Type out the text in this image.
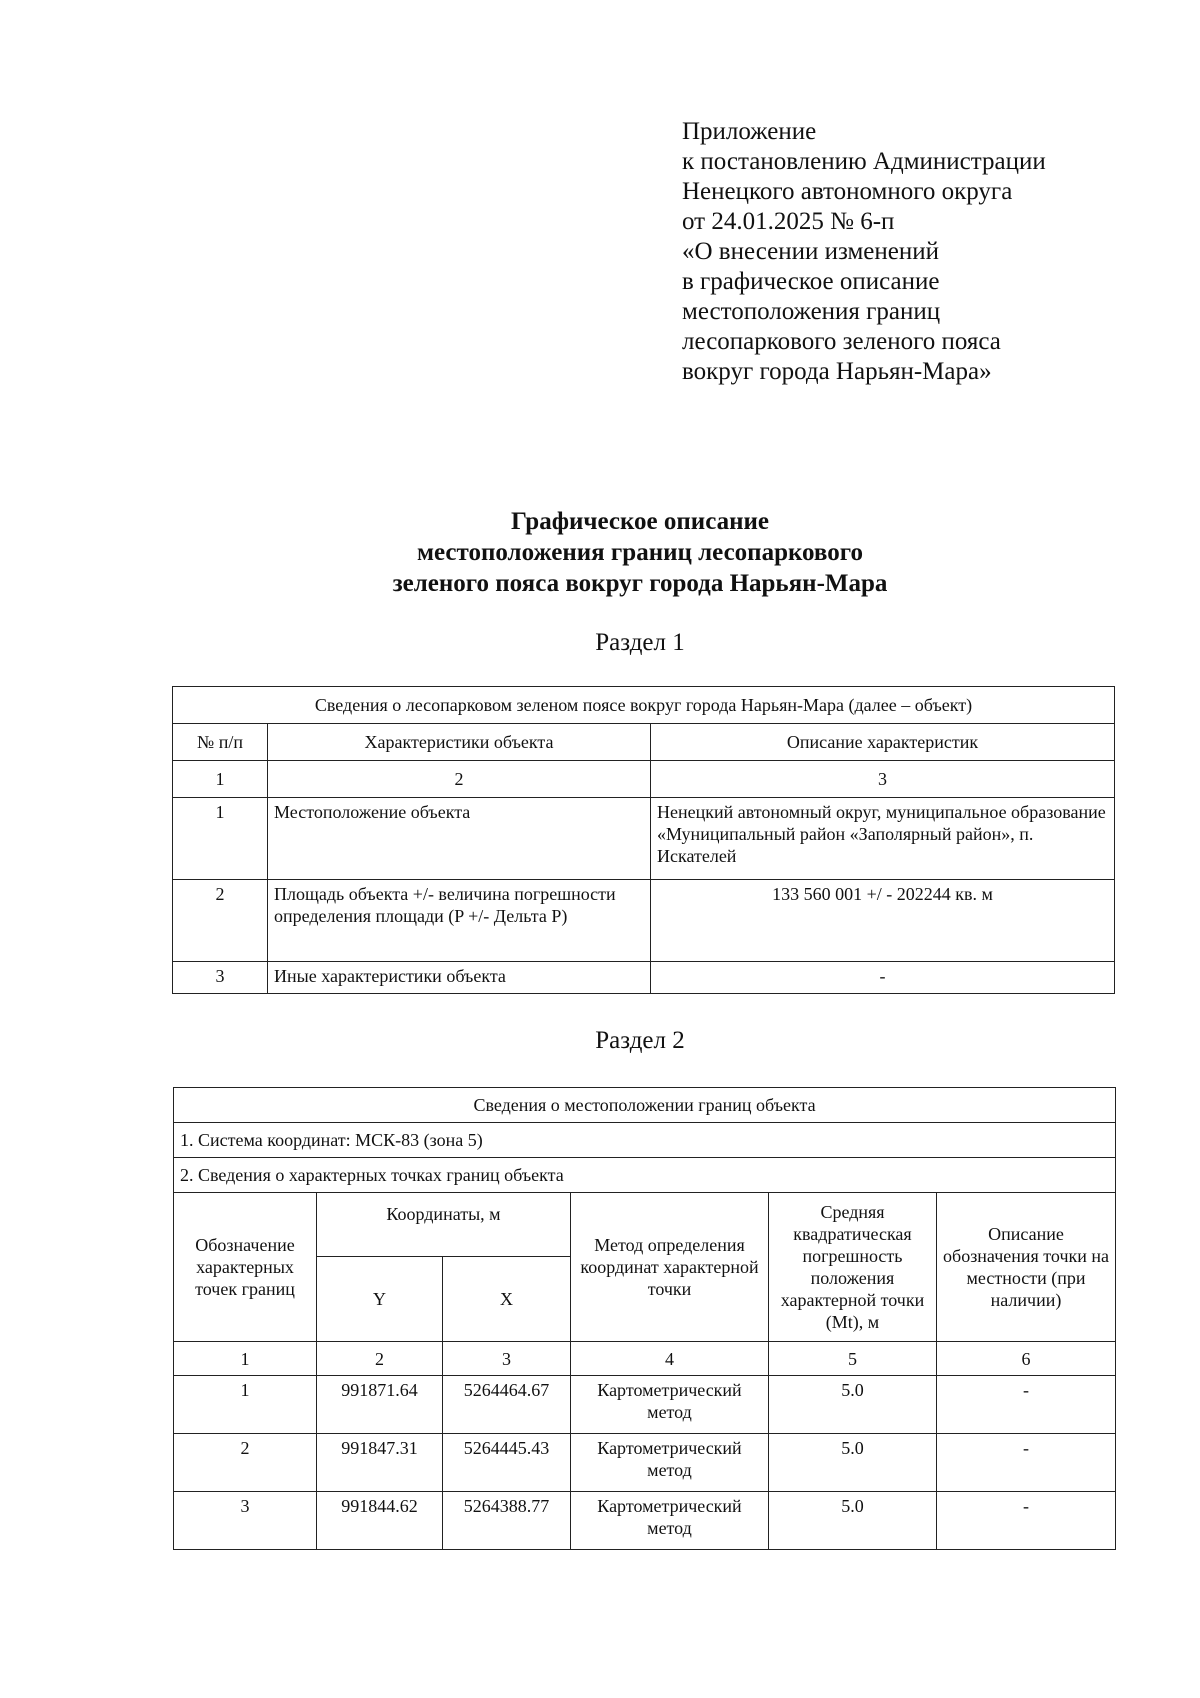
Приложение
к постановлению Администрации
Ненецкого автономного округа
от 24.01.2025 № 6-п
«О внесении изменений
в графическое описание
местоположения границ
лесопаркового зеленого пояса
вокруг города Нарьян-Мара»
Графическое описание
местоположения границ лесопаркового
зеленого пояса вокруг города Нарьян-Мара
Раздел 1
Сведения о лесопарковом зеленом поясе вокруг города Нарьян-Мара (далее – объект)		
№ п/п	Характеристики объекта	Описание характеристик
1	2	3
1	Местоположение объекта	Ненецкий автономный округ, муниципальное образование «Муниципальный район «Заполярный район», п. Искателей
2	Площадь объекта +/- величина погрешности определения площади (P +/- Дельта P)	133 560 001 +/ - 202244 кв. м
3	Иные характеристики объекта	-
Раздел 2
Сведения о местоположении границ объекта					
1. Система координат: МСК-83 (зона 5)					
2. Сведения о характерных точках границ объекта					
Обозначение характерных точек границ	Координаты, м		Метод определения координат характерной точки	Средняя квадратическая погрешность положения характерной точки (Mt), м	Описание обозначения точки на местности (при наличии)
	Y	X			
1	2	3	4	5	6
1	991871.64	5264464.67	Картометрический метод	5.0	-
2	991847.31	5264445.43	Картометрический метод	5.0	-
3	991844.62	5264388.77	Картометрический метод	5.0	-
